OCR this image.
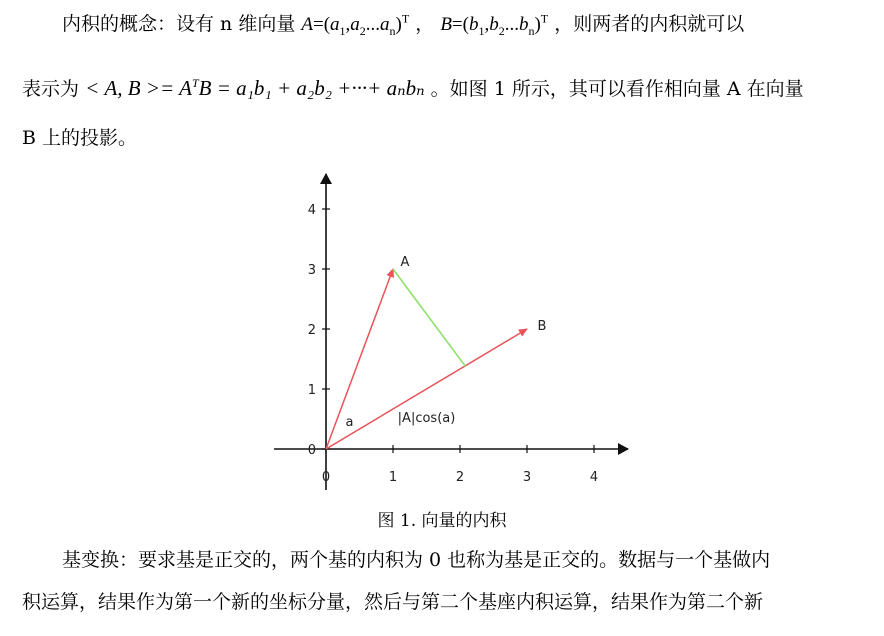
内积的概念：设有 n 维向量 $A=(a_1,a_2...a_n)^T$ ， $B=(b_1,b_2...b_n)^T$ ，则两者的内积就可以
表示为 < A, $B >= A^TB = a_1b_1 + a_2b_2$ +···+ aₙbₙ 。如图 1 所示，其可以看作相向量 A 在向量
B 上的投影。
0	1	2	3	4
0
1
2
3
4
A
B
a	|A|cos(a)
图 1. 向量的内积
基变换：要求基是正交的，两个基的内积为 0 也称为基是正交的。数据与一个基做内
积运算，结果作为第一个新的坐标分量，然后与第二个基座内积运算，结果作为第二个新
